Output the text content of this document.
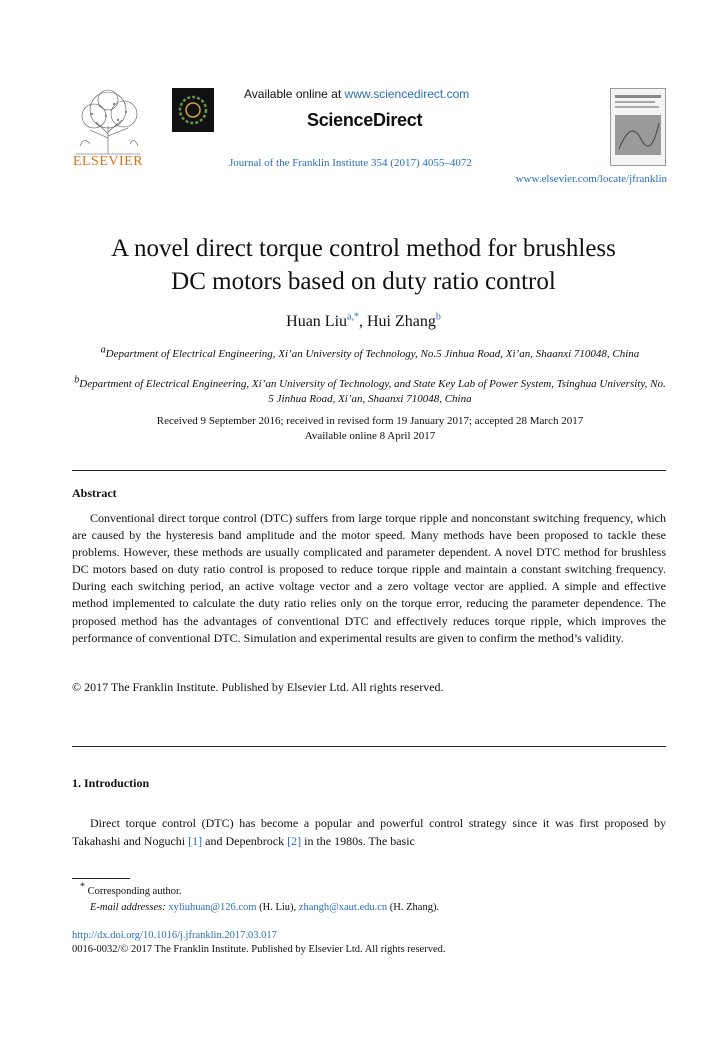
ELSEVIER
Available online at www.sciencedirect.com
ScienceDirect
Journal of the Franklin Institute 354 (2017) 4055–4072
www.elsevier.com/locate/jfranklin
A novel direct torque control method for brushless
DC motors based on duty ratio control
Huan Liu$^{a,*}$, Hui Zhang$^b$
$^a$Department of Electrical Engineering, Xi’an University of Technology, No.5 Jinhua Road, Xi’an, Shaanxi 710048, China
$^b$Department of Electrical Engineering, Xi’an University of Technology, and State Key Lab of Power System, Tsinghua University, No. 5 Jinhua Road, Xi’an, Shaanxi 710048, China
Received 9 September 2016; received in revised form 19 January 2017; accepted 28 March 2017
Available online 8 April 2017
Abstract

Conventional direct torque control (DTC) suffers from large torque ripple and nonconstant switching frequency, which are caused by the hysteresis band amplitude and the motor speed. Many methods have been proposed to tackle these problems. However, these methods are usually complicated and parameter dependent. A novel DTC method for brushless DC motors based on duty ratio control is proposed to reduce torque ripple and maintain a constant switching frequency. During each switching period, an active voltage vector and a zero voltage vector are applied. A simple and effective method implemented to calculate the duty ratio relies only on the torque error, reducing the parameter dependence. The proposed method has the advantages of conventional DTC and effectively reduces torque ripple, which improves the performance of conventional DTC. Simulation and experimental results are given to confirm the method’s validity.

© 2017 The Franklin Institute. Published by Elsevier Ltd. All rights reserved.
1. Introduction
Direct torque control (DTC) has become a popular and powerful control strategy since it was first proposed by Takahashi and Noguchi [1] and Depenbrock [2] in the 1980s. The basic
* Corresponding author.
E-mail addresses: xyliuhuan@126.com (H. Liu), zhangh@xaut.edu.cn (H. Zhang).
http://dx.doi.org/10.1016/j.jfranklin.2017.03.017
0016-0032/© 2017 The Franklin Institute. Published by Elsevier Ltd. All rights reserved.
